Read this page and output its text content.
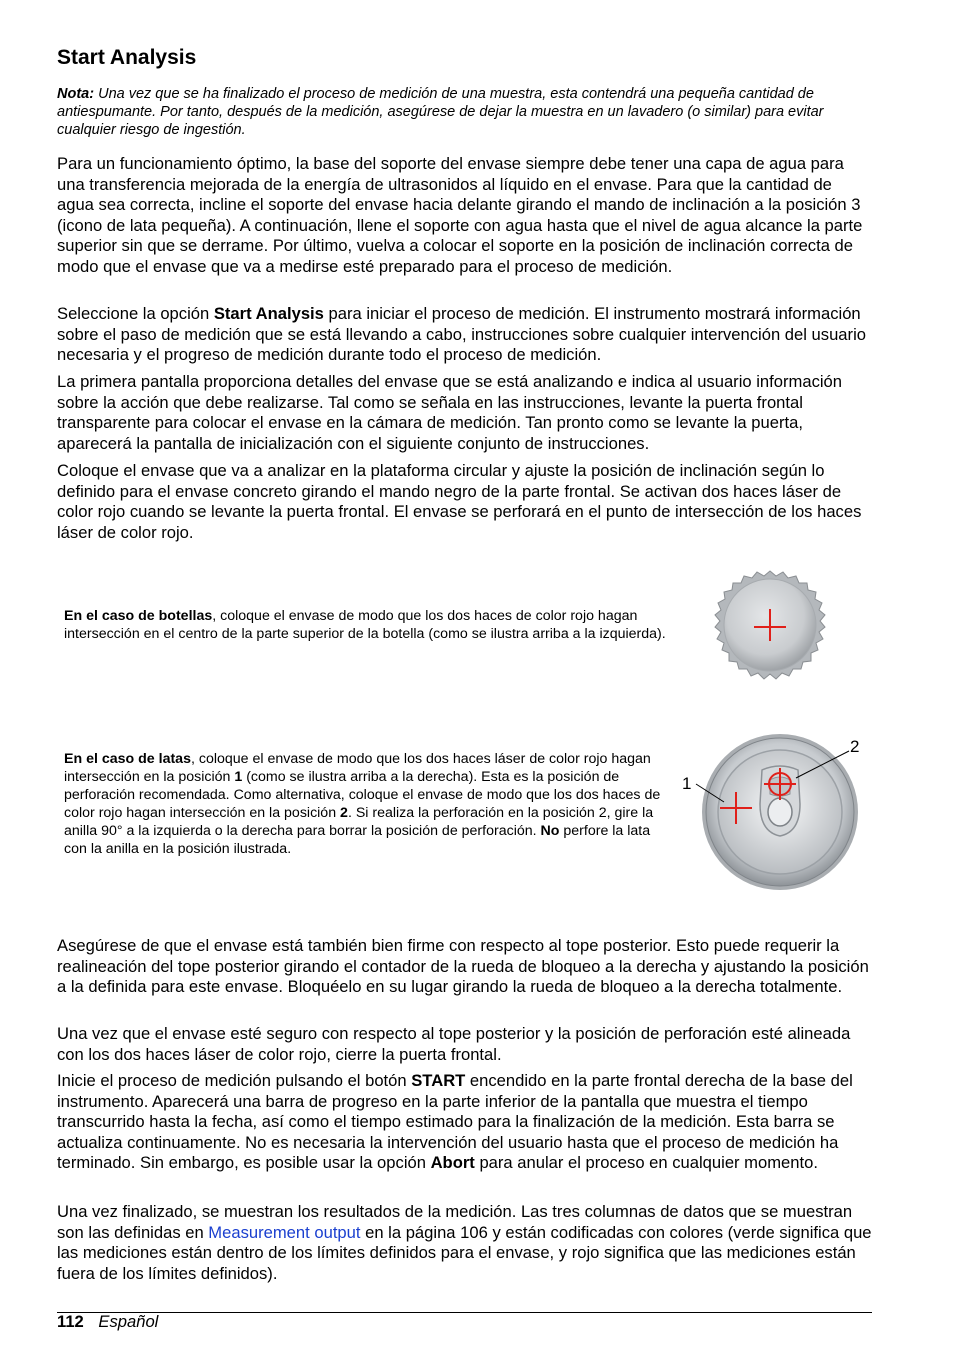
Start Analysis
Nota: Una vez que se ha finalizado el proceso de medición de una muestra, esta contendrá una pequeña cantidad de antiespumante. Por tanto, después de la medición, asegúrese de dejar la muestra en un lavadero (o similar) para evitar cualquier riesgo de ingestión.

Para un funcionamiento óptimo, la base del soporte del envase siempre debe tener una capa de agua para una transferencia mejorada de la energía de ultrasonidos al líquido en el envase. Para que la cantidad de agua sea correcta, incline el soporte del envase hacia delante girando el mando de inclinación a la posición 3 (icono de lata pequeña). A continuación, llene el soporte con agua hasta que el nivel de agua alcance la parte superior sin que se derrame. Por último, vuelva a colocar el soporte en la posición de inclinación correcta de modo que el envase que va a medirse esté preparado para el proceso de medición.

Seleccione la opción Start Analysis para iniciar el proceso de medición. El instrumento mostrará información sobre el paso de medición que se está llevando a cabo, instrucciones sobre cualquier intervención del usuario necesaria y el progreso de medición durante todo el proceso de medición.

La primera pantalla proporciona detalles del envase que se está analizando e indica al usuario información sobre la acción que debe realizarse. Tal como se señala en las instrucciones, levante la puerta frontal transparente para colocar el envase en la cámara de medición. Tan pronto como se levante la puerta, aparecerá la pantalla de inicialización con el siguiente conjunto de instrucciones.

Coloque el envase que va a analizar en la plataforma circular y ajuste la posición de inclinación según lo definido para el envase concreto girando el mando negro de la parte frontal. Se activan dos haces láser de color rojo cuando se levante la puerta frontal. El envase se perforará en el punto de intersección de los haces láser de color rojo.

En el caso de botellas, coloque el envase de modo que los dos haces de color rojo hagan intersección en el centro de la parte superior de la botella (como se ilustra arriba a la izquierda).

En el caso de latas, coloque el envase de modo que los dos haces láser de color rojo hagan intersección en la posición 1 (como se ilustra arriba a la derecha). Esta es la posición de perforación recomendada. Como alternativa, coloque el envase de modo que los dos haces de color rojo hagan intersección en la posición 2. Si realiza la perforación en la posición 2, gire la anilla 90° a la izquierda o la derecha para borrar la posición de perforación. No perfore la lata con la anilla en la posición ilustrada.

Asegúrese de que el envase está también bien firme con respecto al tope posterior. Esto puede requerir la realineación del tope posterior girando el contador de la rueda de bloqueo a la derecha y ajustando la posición a la definida para este envase. Bloquéelo en su lugar girando la rueda de bloqueo a la derecha totalmente.

Una vez que el envase esté seguro con respecto al tope posterior y la posición de perforación esté alineada con los dos haces láser de color rojo, cierre la puerta frontal.

Inicie el proceso de medición pulsando el botón START encendido en la parte frontal derecha de la base del instrumento. Aparecerá una barra de progreso en la parte inferior de la pantalla que muestra el tiempo transcurrido hasta la fecha, así como el tiempo estimado para la finalización de la medición. Esta barra se actualiza continuamente. No es necesaria la intervención del usuario hasta que el proceso de medición ha terminado. Sin embargo, es posible usar la opción Abort para anular el proceso en cualquier momento.

Una vez finalizado, se muestran los resultados de la medición. Las tres columnas de datos que se muestran son las definidas en Measurement output en la página 106 y están codificadas con colores (verde significa que las mediciones están dentro de los límites definidos para el envase, y rojo significa que las mediciones están fuera de los límites definidos).

1
2
112 Español
